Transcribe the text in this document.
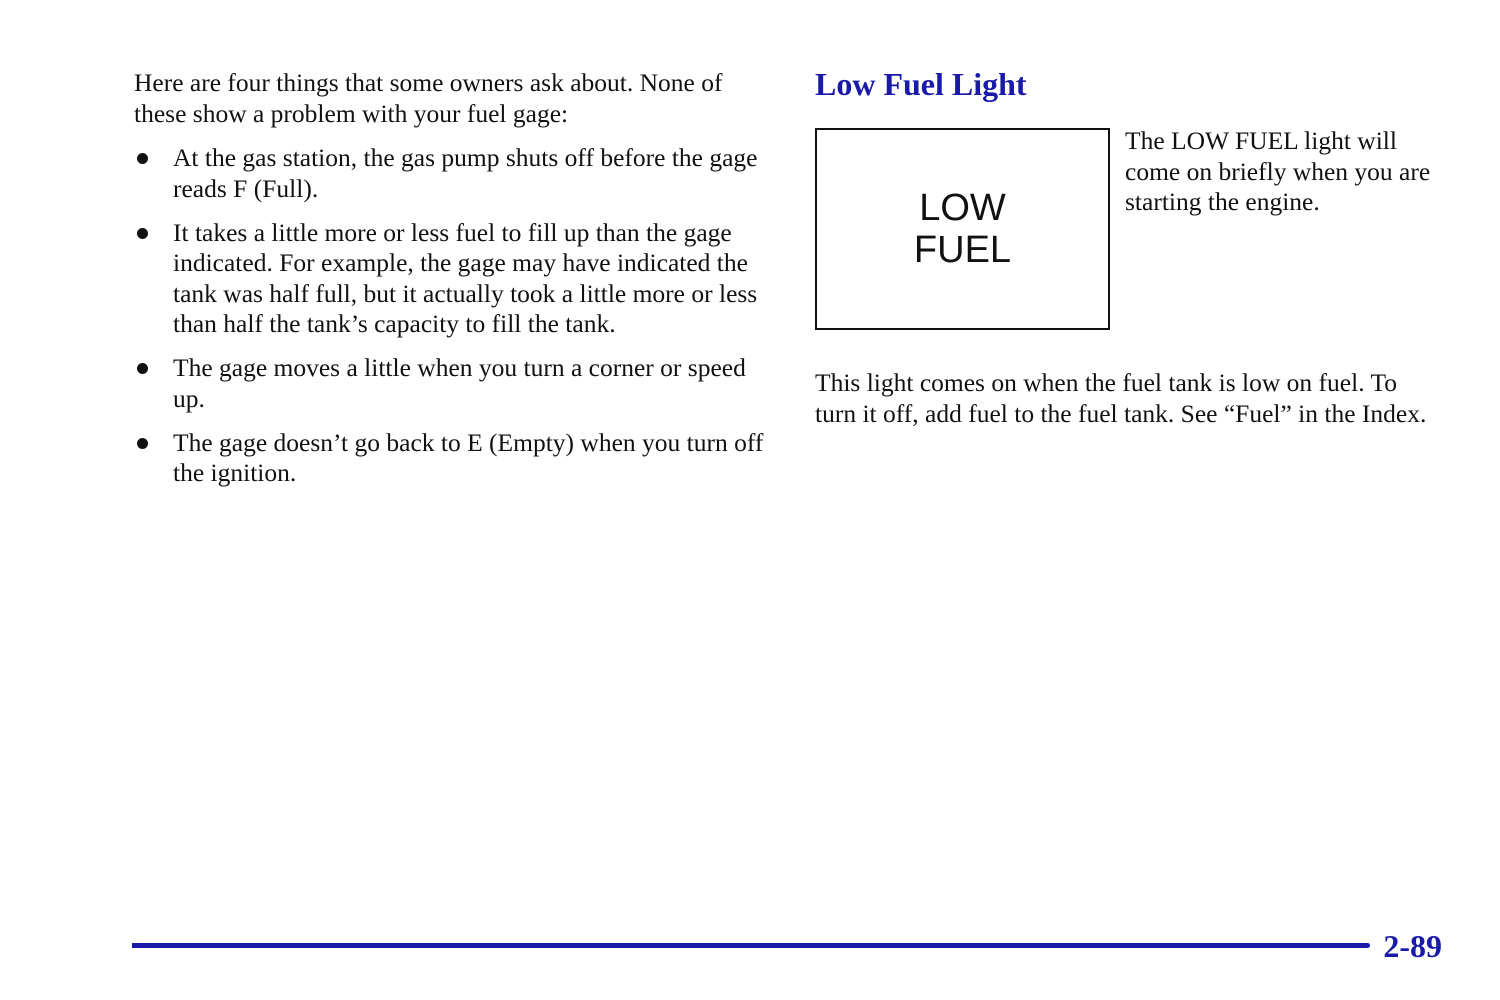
Here are four things that some owners ask about. None of these show a problem with your fuel gage:

At the gas station, the gas pump shuts off before the gage reads F (Full).
It takes a little more or less fuel to fill up than the gage indicated. For example, the gage may have indicated the tank was half full, but it actually took a little more or less than half the tank’s capacity to fill the tank.
The gage moves a little when you turn a corner or speed up.
The gage doesn’t go back to E (Empty) when you turn off the ignition.
Low Fuel Light
LOW
FUEL

The LOW FUEL light will come on briefly when you are starting the engine.

This light comes on when the fuel tank is low on fuel. To turn it off, add fuel to the fuel tank. See “Fuel” in the Index.

2-89
